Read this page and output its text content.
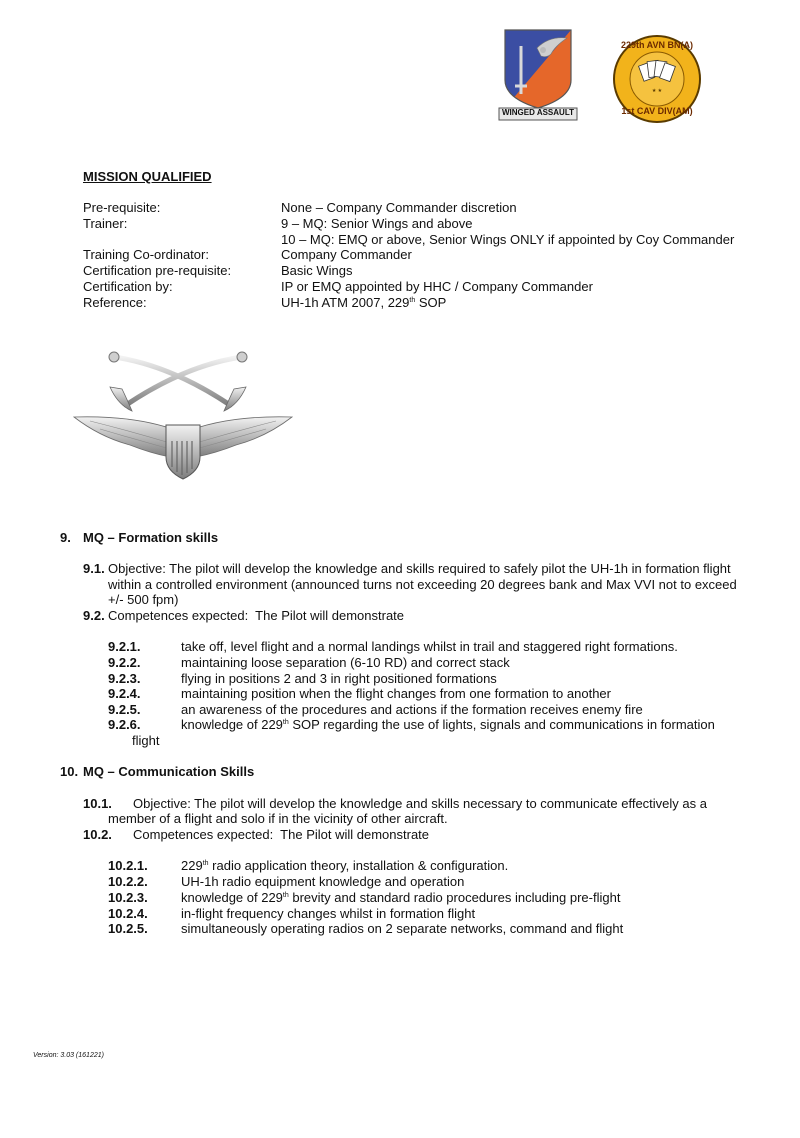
WINGED ASSAULT
★ ★
229th AVN BN(A)
1st CAV DIV(AM)
MISSION QUALIFIED
Pre-requisite:	None – Company Commander discretion
Trainer:	9 – MQ: Senior Wings and above
10 – MQ: EMQ or above, Senior Wings ONLY if appointed by Coy Commander
Training Co-ordinator:	Company Commander
Certification pre-requisite:	Basic Wings
Certification by:	IP or EMQ appointed by HHC / Company Commander
Reference:	UH-1h ATM 2007, 229th SOP
9. MQ – Formation skills
9.1. Objective: The pilot will develop the knowledge and skills required to safely pilot the UH-1h in formation flight
within a controlled environment (announced turns not exceeding 20 degrees bank and Max VVI not to exceed
+/- 500 fpm)
9.2. Competences expected:  The Pilot will demonstrate
9.2.1.	take off, level flight and a normal landings whilst in trail and staggered right formations.
9.2.2.	maintaining loose separation (6-10 RD) and correct stack
9.2.3.	flying in positions 2 and 3 in right positioned formations
9.2.4.	maintaining position when the flight changes from one formation to another
9.2.5.	an awareness of the procedures and actions if the formation receives enemy fire
9.2.6.	knowledge of 229th SOP regarding the use of lights, signals and communications in formation
flight
10. MQ – Communication Skills
10.1. Objective: The pilot will develop the knowledge and skills necessary to communicate effectively as a
member of a flight and solo if in the vicinity of other aircraft.
10.2. Competences expected:  The Pilot will demonstrate
10.2.1.	229th radio application theory, installation & configuration.
10.2.2.	UH-1h radio equipment knowledge and operation
10.2.3.	knowledge of 229th brevity and standard radio procedures including pre-flight
10.2.4.	in-flight frequency changes whilst in formation flight
10.2.5.	simultaneously operating radios on 2 separate networks, command and flight
Version: 3.03 (161221)
